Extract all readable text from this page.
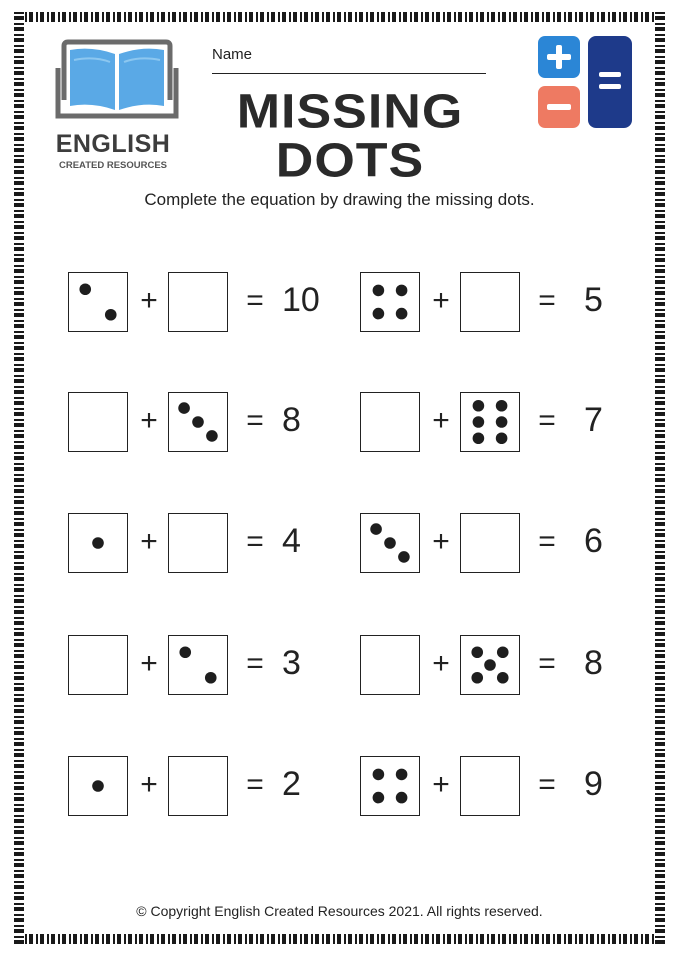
ENGLISH
CREATED RESOURCES
Name
MISSING
DOTS
Complete the equation by drawing the missing dots.
+	= 10	+	= 5
+	= 8	+	= 7
+	= 4	+	= 6
+	= 3	+	= 8
+	= 2	+	= 9
© Copyright English Created Resources 2021. All rights reserved.
